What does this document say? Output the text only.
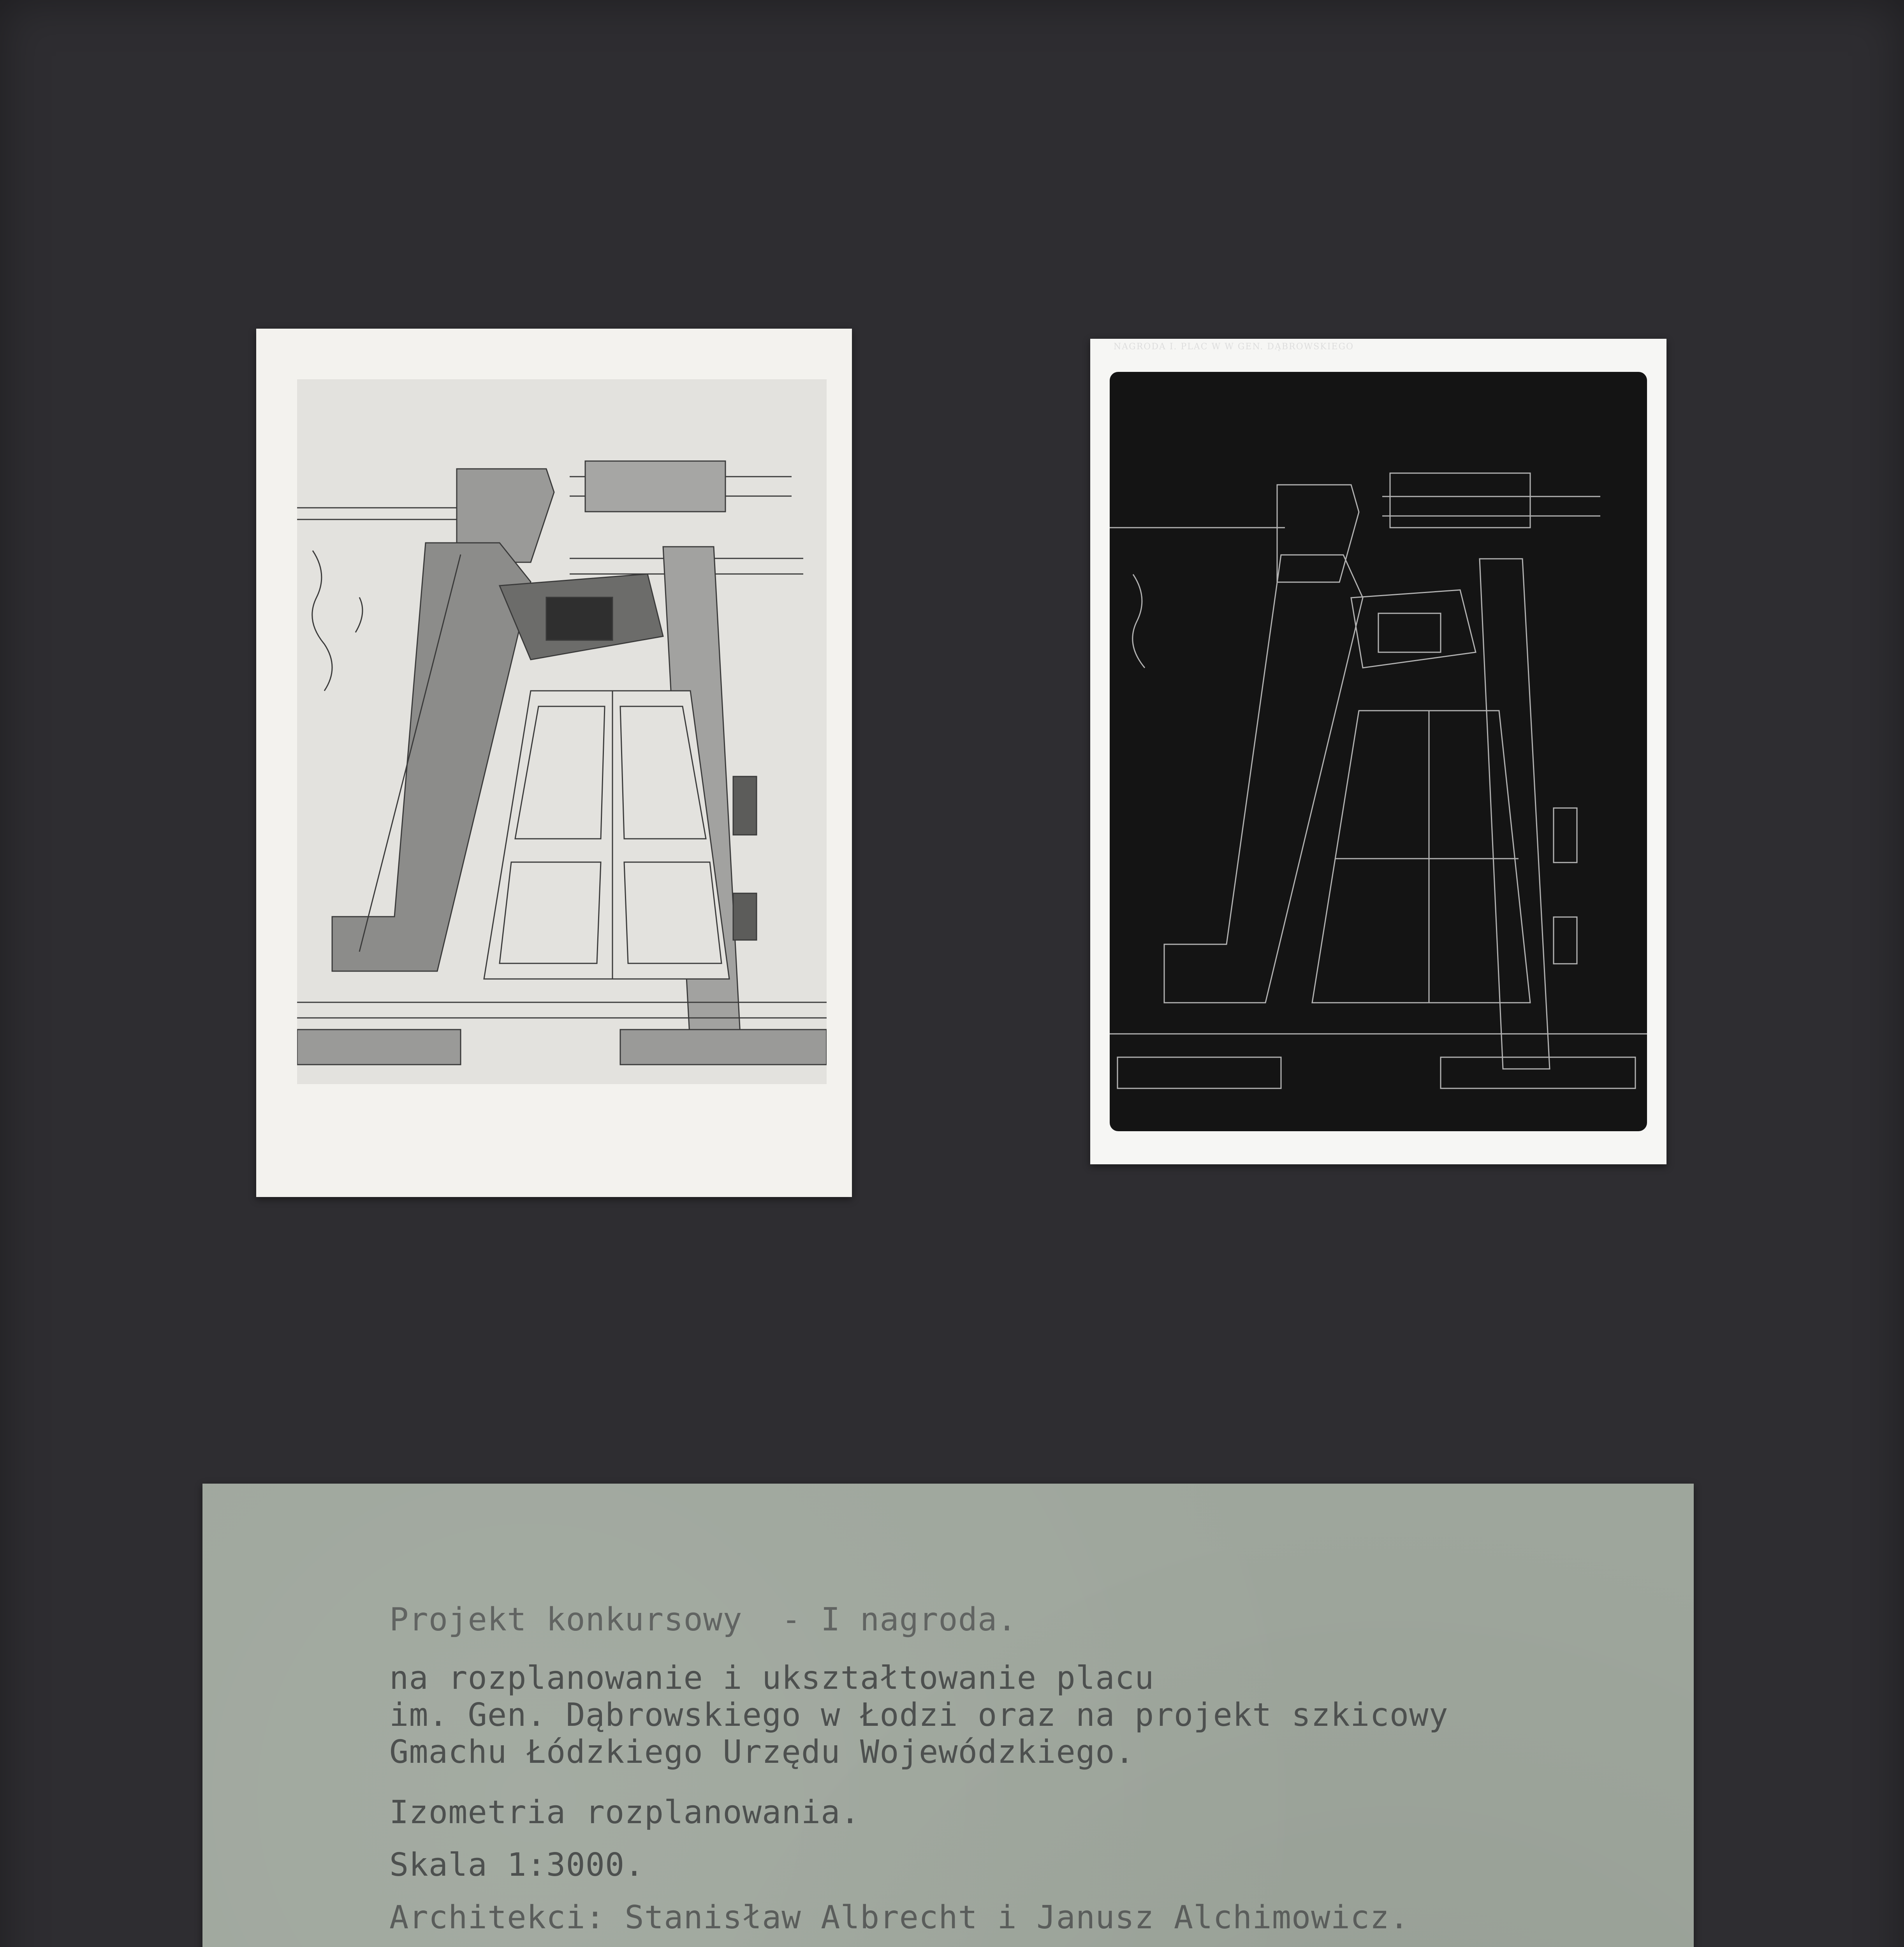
NAGRODA I. PLAC W W GEN. DĄBROWSKIEGO
Projekt konkursowy  - I nagroda.
na rozplanowanie i ukształtowanie placu
im. Gen. Dąbrowskiego w Łodzi oraz na projekt szkicowy
Gmachu Łódzkiego Urzędu Wojewódzkiego.
Izometria rozplanowania.
Skala 1:3000.
Architekci: Stanisław Albrecht i Janusz Alchimowicz.
